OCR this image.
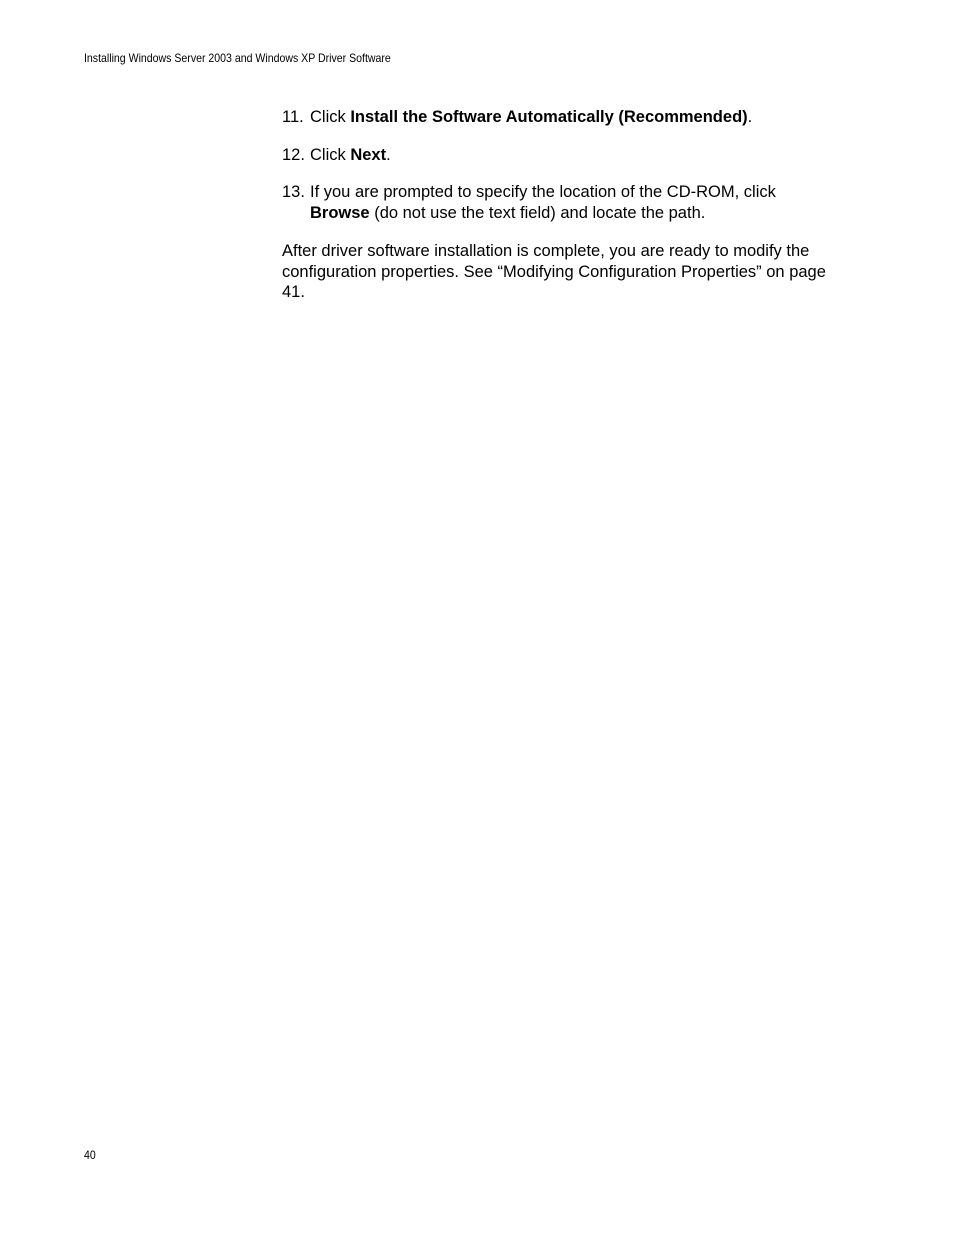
Installing Windows Server 2003 and Windows XP Driver Software
11. Click Install the Software Automatically (Recommended).

12. Click Next.

13. If you are prompted to specify the location of the CD-ROM, click
Browse (do not use the text field) and locate the path.

After driver software installation is complete, you are ready to modify the configuration properties. See “Modifying Configuration Properties” on page 41.

40
